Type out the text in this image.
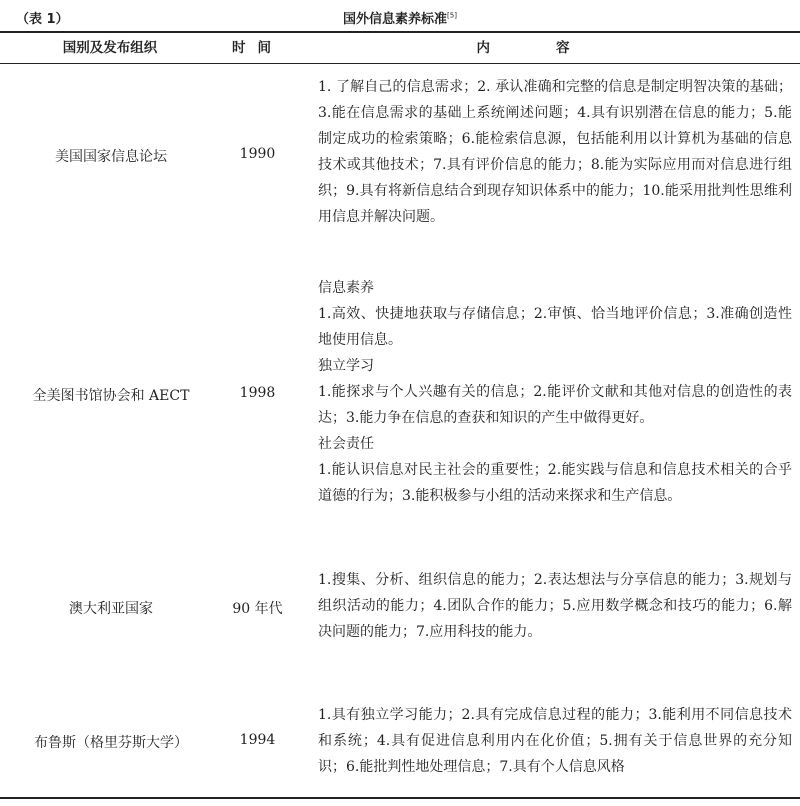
（表 1）	国外信息素养标准[5]
国别及发布组织	时间	内容
美国国家信息论坛	1990
1. 了解自己的信息需求；2. 承认准确和完整的信息是制定明智决策的基础；3.能在信息需求的基础上系统阐述问题；4.具有识别潜在信息的能力；5.能制定成功的检索策略；6.能检索信息源，包括能利用以计算机为基础的信息技术或其他技术；7.具有评价信息的能力；8.能为实际应用而对信息进行组织；9.具有将新信息结合到现存知识体系中的能力；10.能采用批判性思维利用信息并解决问题。
全美图书馆协会和 AECT	1998
信息素养
1.高效、快捷地获取与存储信息；2.审慎、恰当地评价信息；3.准确创造性地使用信息。
独立学习
1.能探求与个人兴趣有关的信息；2.能评价文献和其他对信息的创造性的表达；3.能力争在信息的查获和知识的产生中做得更好。
社会责任
1.能认识信息对民主社会的重要性；2.能实践与信息和信息技术相关的合乎道德的行为；3.能积极参与小组的活动来探求和生产信息。
澳大利亚国家	90 年代
1.搜集、分析、组织信息的能力；2.表达想法与分享信息的能力；3.规划与组织活动的能力；4.团队合作的能力；5.应用数学概念和技巧的能力；6.解决问题的能力；7.应用科技的能力。
布鲁斯（格里芬斯大学）	1994
1.具有独立学习能力；2.具有完成信息过程的能力；3.能利用不同信息技术和系统；4.具有促进信息利用内在化价值；5.拥有关于信息世界的充分知识；6.能批判性地处理信息；7.具有个人信息风格
